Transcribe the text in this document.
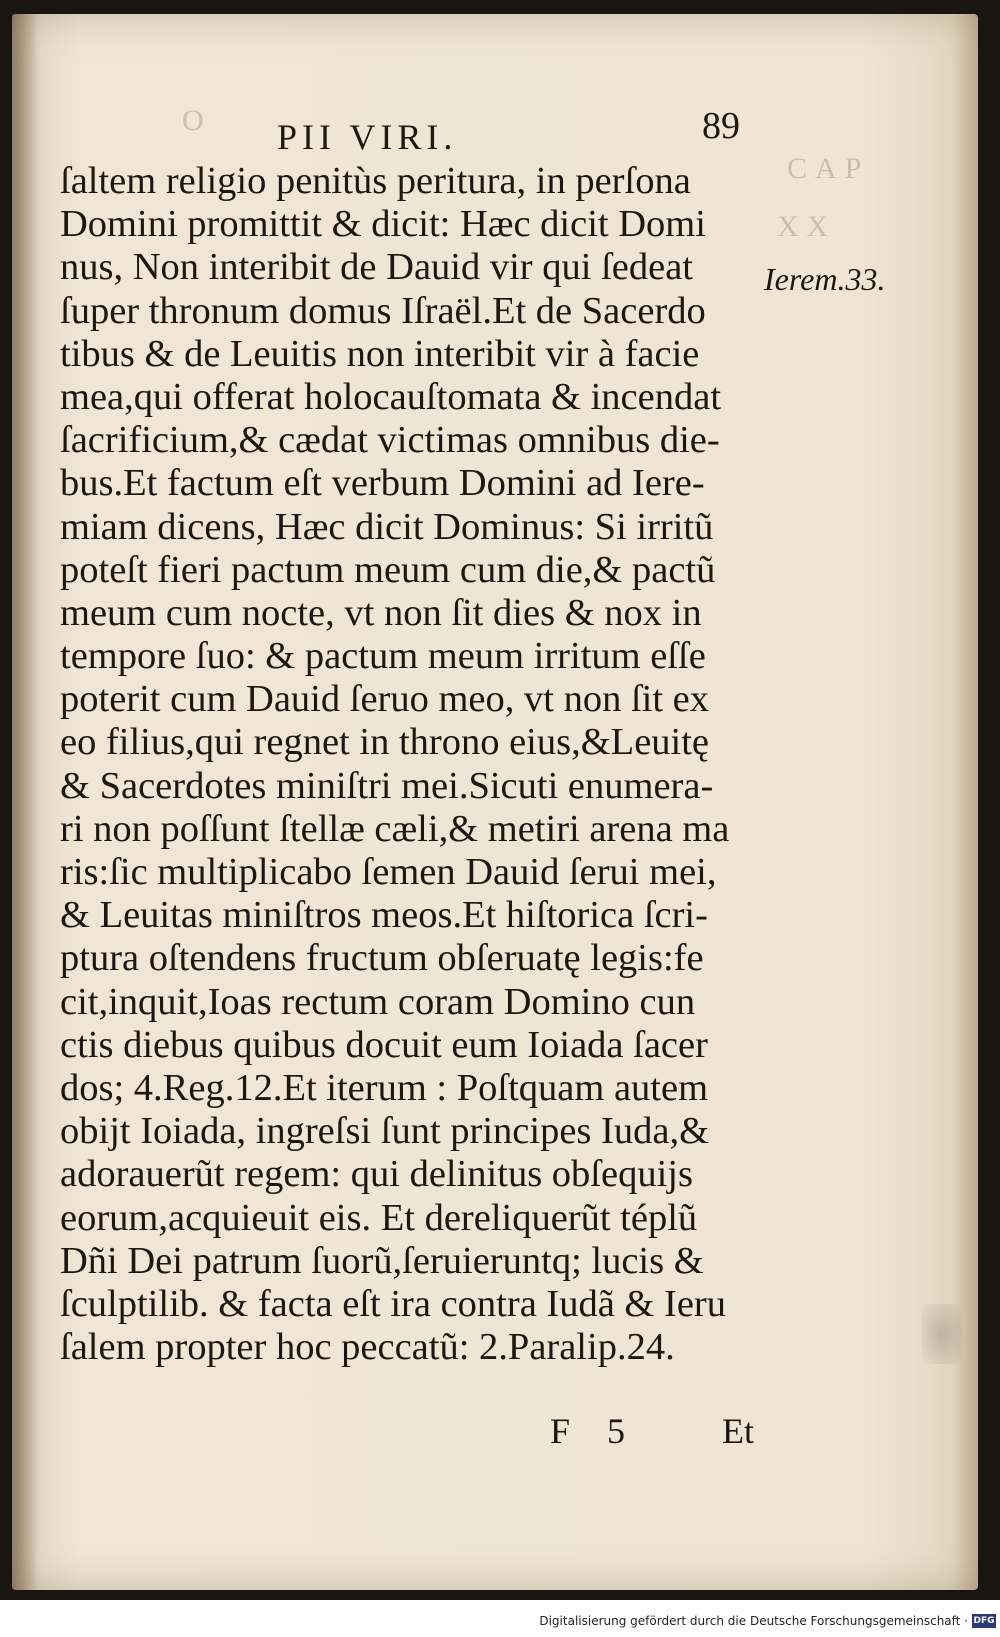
O
CAP
XX
PII VIRI.	89
ſaltem religio penitùs peritura, in perſona
Domini promittit & dicit: Hæc dicit Domi
nus, Non interibit de Dauid vir qui ſedeat
ſuper thronum domus Iſraël.Et de Sacerdo
tibus & de Leuitis non interibit vir à facie
mea,qui offerat holocauſtomata & incendat
ſacrificium,& cædat victimas omnibus die-
bus.Et factum eſt verbum Domini ad Iere-
miam dicens, Hæc dicit Dominus: Si irritũ
poteſt fieri pactum meum cum die,& pactũ
meum cum nocte, vt non ſit dies & nox in
tempore ſuo: & pactum meum irritum eſſe
poterit cum Dauid ſeruo meo, vt non ſit ex
eo filius,qui regnet in throno eius,&Leuitę
& Sacerdotes miniſtri mei.Sicuti enumera-
ri non poſſunt ſtellæ cæli,& metiri arena ma
ris:ſic multiplicabo ſemen Dauid ſerui mei,
& Leuitas miniſtros meos.Et hiſtorica ſcri-
ptura oſtendens fructum obſeruatę legis:fe
cit,inquit,Ioas rectum coram Domino cun
ctis diebus quibus docuit eum Ioiada ſacer
dos; 4.Reg.12.Et iterum : Poſtquam autem
obijt Ioiada, ingreſsi ſunt principes Iuda,&
adorauerũt regem: qui delinitus obſequijs
eorum,acquieuit eis. Et dereliquerũt téplũ
Dñi Dei patrum ſuorũ,ſeruieruntq; lucis &
ſculptilib. & facta eſt ira contra Iudã & Ieru
ſalem propter hoc peccatũ: 2.Paralip.24.
Ierem.33.
F 5 Et
Digitalisierung gefördert durch die Deutsche Forschungsgemeinschaft · DFG
